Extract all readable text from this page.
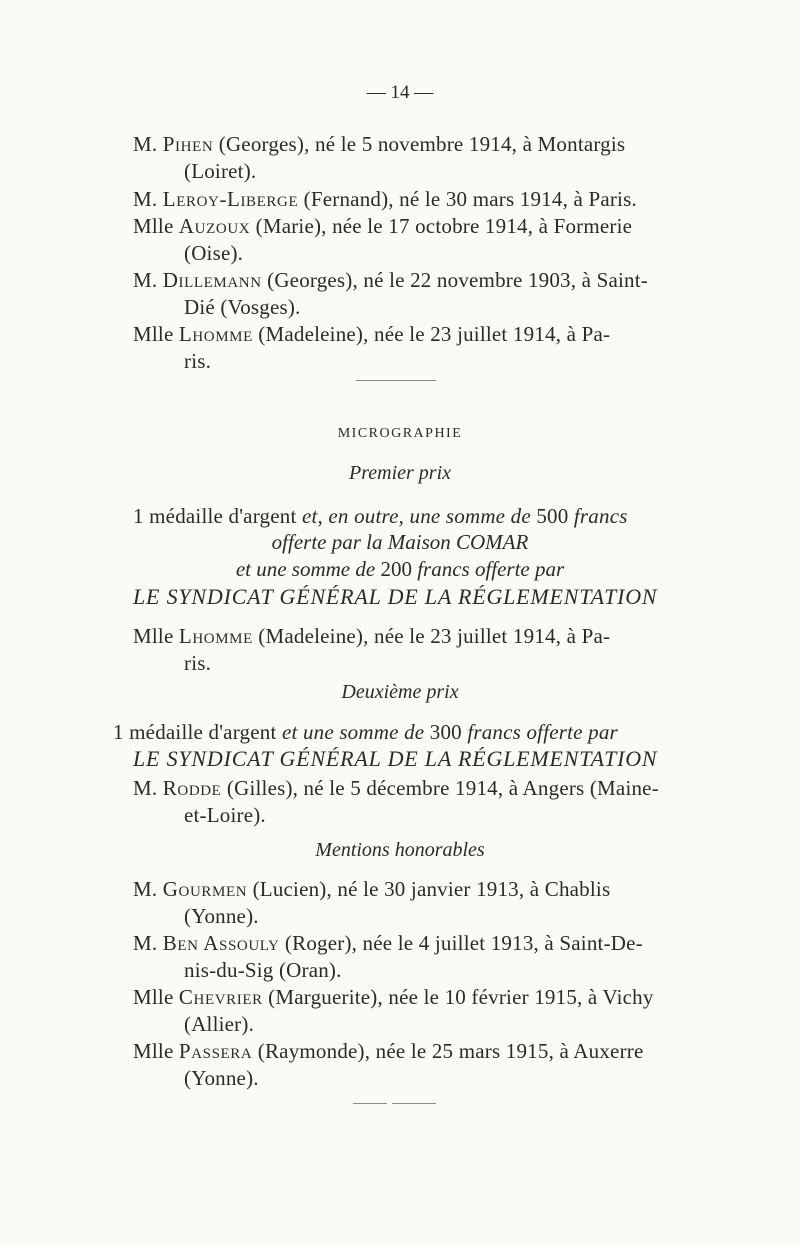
— 14 —
M. Pihen (Georges), né le 5 novembre 1914, à Montargis
(Loiret).
M. Leroy-Liberge (Fernand), né le 30 mars 1914, à Paris.
Mlle Auzoux (Marie), née le 17 octobre 1914, à Formerie
(Oise).
M. Dillemann (Georges), né le 22 novembre 1903, à Saint-
Dié (Vosges).
Mlle Lhomme (Madeleine), née le 23 juillet 1914, à Pa-
ris.
MICROGRAPHIE
Premier prix
1 médaille d'argent et, en outre, une somme de 500 francs
offerte par la Maison COMAR
et une somme de 200 francs offerte par
LE SYNDICAT GÉNÉRAL DE LA RÉGLEMENTATION
Mlle Lhomme (Madeleine), née le 23 juillet 1914, à Pa-
ris.
Deuxième prix
1 médaille d'argent et une somme de 300 francs offerte par
LE SYNDICAT GÉNÉRAL DE LA RÉGLEMENTATION
M. Rodde (Gilles), né le 5 décembre 1914, à Angers (Maine-
et-Loire).
Mentions honorables
M. Gourmen (Lucien), né le 30 janvier 1913, à Chablis
(Yonne).
M. Ben Assouly (Roger), née le 4 juillet 1913, à Saint-De-
nis-du-Sig (Oran).
Mlle Chevrier (Marguerite), née le 10 février 1915, à Vichy
(Allier).
Mlle Passera (Raymonde), née le 25 mars 1915, à Auxerre
(Yonne).
